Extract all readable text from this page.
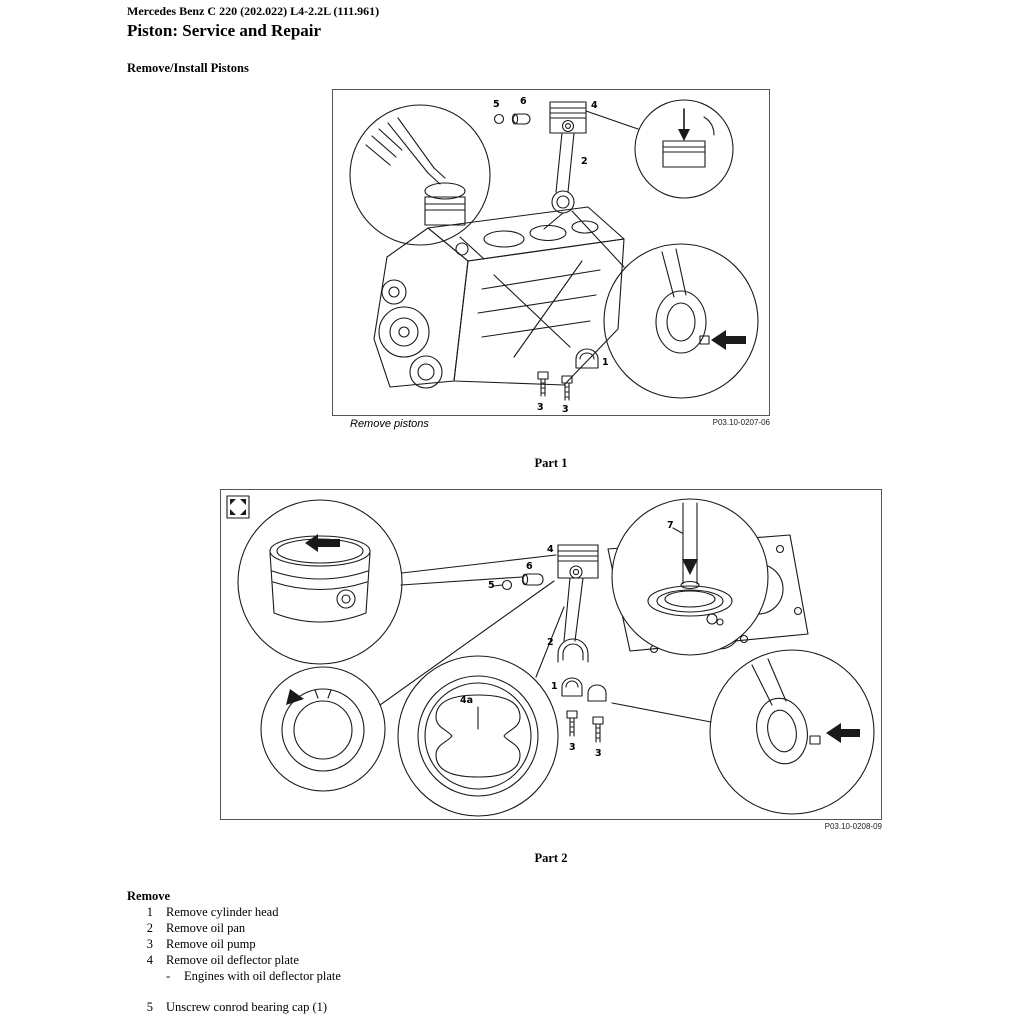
Mercedes Benz C 220 (202.022) L4-2.2L (111.961)
Piston: Service and Repair
Remove/Install Pistons
5 6	4
2
1
3 3
Remove pistons	P03.10-0207-06
Part 1
5
6
4
2
1
3
3
7
4a
P03.10-0208-09
Part 2
Remove
1 Remove cylinder head
2 Remove oil pan
3 Remove oil pump
4 Remove oil deflector plate
-	Engines with oil deflector plate
5 Unscrew conrod bearing cap (1)
